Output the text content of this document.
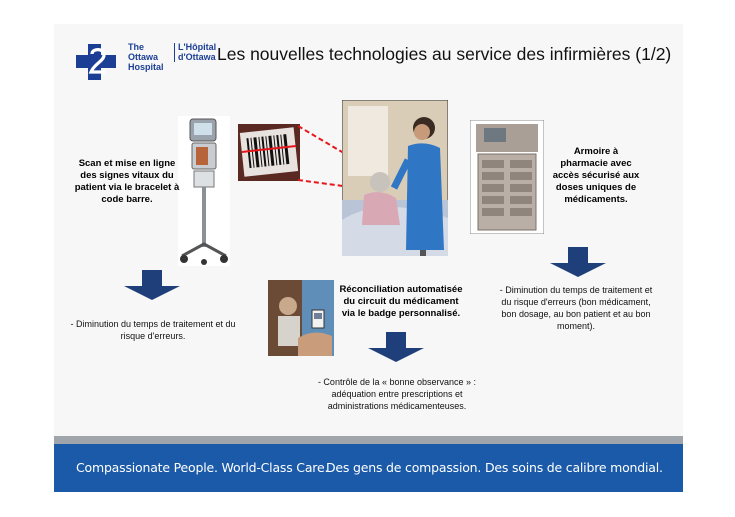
The Ottawa Hospital
L'Hôpital d'Ottawa Les nouvelles technologies au service des infirmières (1/2)
Scan et mise en ligne des signes vitaux du patient via le bracelet à code barre.
- Diminution du temps de traitement et du risque d'erreurs.
Réconciliation automatisée du circuit du médicament via le badge personnalisé.
- Contrôle de la « bonne observance » : adéquation entre prescriptions et administrations médicamenteuses.
Armoire à pharmacie avec accès sécurisé aux doses uniques de médicaments.
- Diminution du temps de traitement et du risque d'erreurs (bon médicament, bon dosage, au bon patient et au bon moment).
Compassionate People. World-Class Care.
Des gens de compassion. Des soins de calibre mondial.
